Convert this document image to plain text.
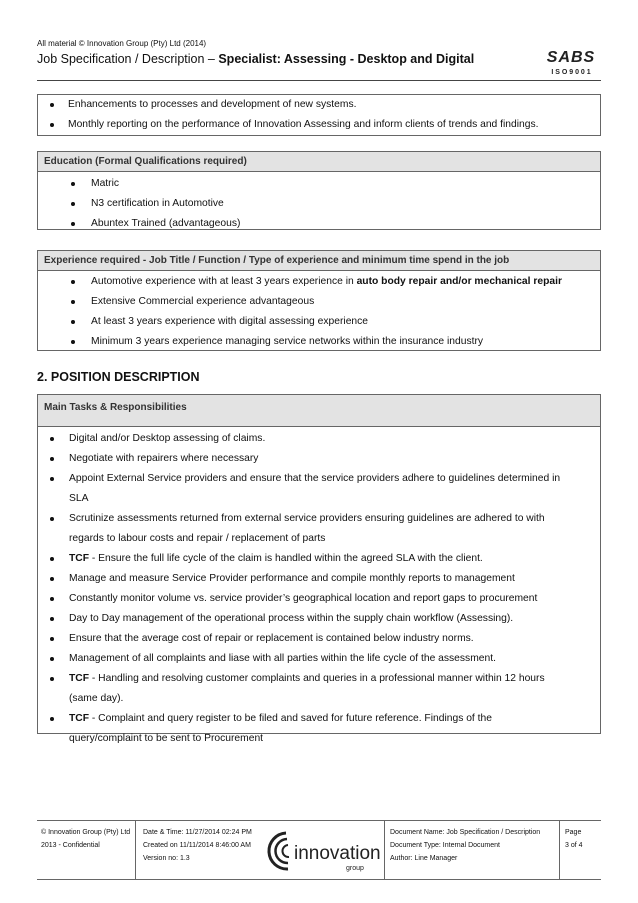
All material © Innovation Group (Pty) Ltd (2014)
Job Specification / Description – Specialist: Assessing - Desktop and Digital	SABS
I S O 9 0 0 1
Enhancements to processes and development of new systems.
Monthly reporting on the performance of Innovation Assessing and inform clients of trends and findings.
Education (Formal Qualifications required)
Matric
N3 certification in Automotive
Abuntex Trained (advantageous)
Experience required - Job Title / Function / Type of experience and minimum time spend in the job
Automotive experience with at least 3 years experience in auto body repair and/or mechanical repair
Extensive Commercial experience advantageous
At least 3 years experience with digital assessing experience
Minimum 3 years experience managing service networks within the insurance industry
2. POSITION DESCRIPTION
Main Tasks & Responsibilities
Digital and/or Desktop assessing of claims.
Negotiate with repairers where necessary
Appoint External Service providers and ensure that the service providers adhere to guidelines determined in
SLA
Scrutinize assessments returned from external service providers ensuring guidelines are adhered to with
regards to labour costs and repair / replacement of parts
TCF - Ensure the full life cycle of the claim is handled within the agreed SLA with the client.
Manage and measure Service Provider performance and compile monthly reports to management
Constantly monitor volume vs. service provider’s geographical location and report gaps to procurement
Day to Day management of the operational process within the supply chain workflow (Assessing).
Ensure that the average cost of repair or replacement is contained below industry norms.
Management of all complaints and liase with all parties within the life cycle of the assessment.
TCF - Handling and resolving customer complaints and queries in a professional manner within 12 hours
(same day).
TCF - Complaint and query register to be filed and saved for future reference. Findings of the
query/complaint to be sent to Procurement
© Innovation Group (Pty) Ltd
2013 - Confidential
Date & Time: 11/27/2014 02:24 PM
Created on 11/11/2014 8:46:00 AM
Version no: 1.3	innovation
group
Document Name: Job Specification / Description
Document Type: Internal Document
Author: Line Manager
Page
3 of 4
